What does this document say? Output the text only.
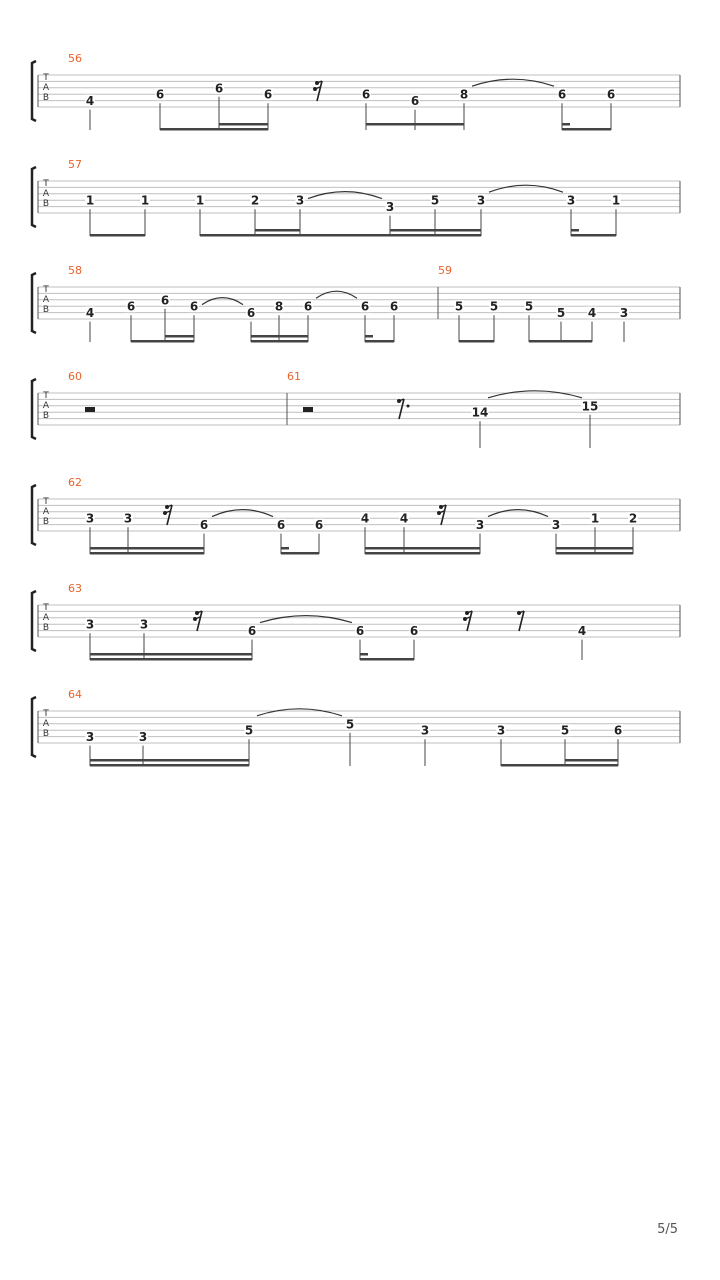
T
A
B
56
4	6	6	6	6	6	8	6	6
T
A
B
57
1	1	1	2	3	3	5	3	3	1
T
A
B
58	59
4	6 6 6	6 8 6	6 6	5 5 5 5 4 3
T
A
B
60	61
14	15
T
A
B
62
3 3	6	6 6	4	4	3	3	1 2
T
A
B
63
3	3	6	6	6	4
T
A
B
64
3	3	5	5	3	3	5	6
5/5
